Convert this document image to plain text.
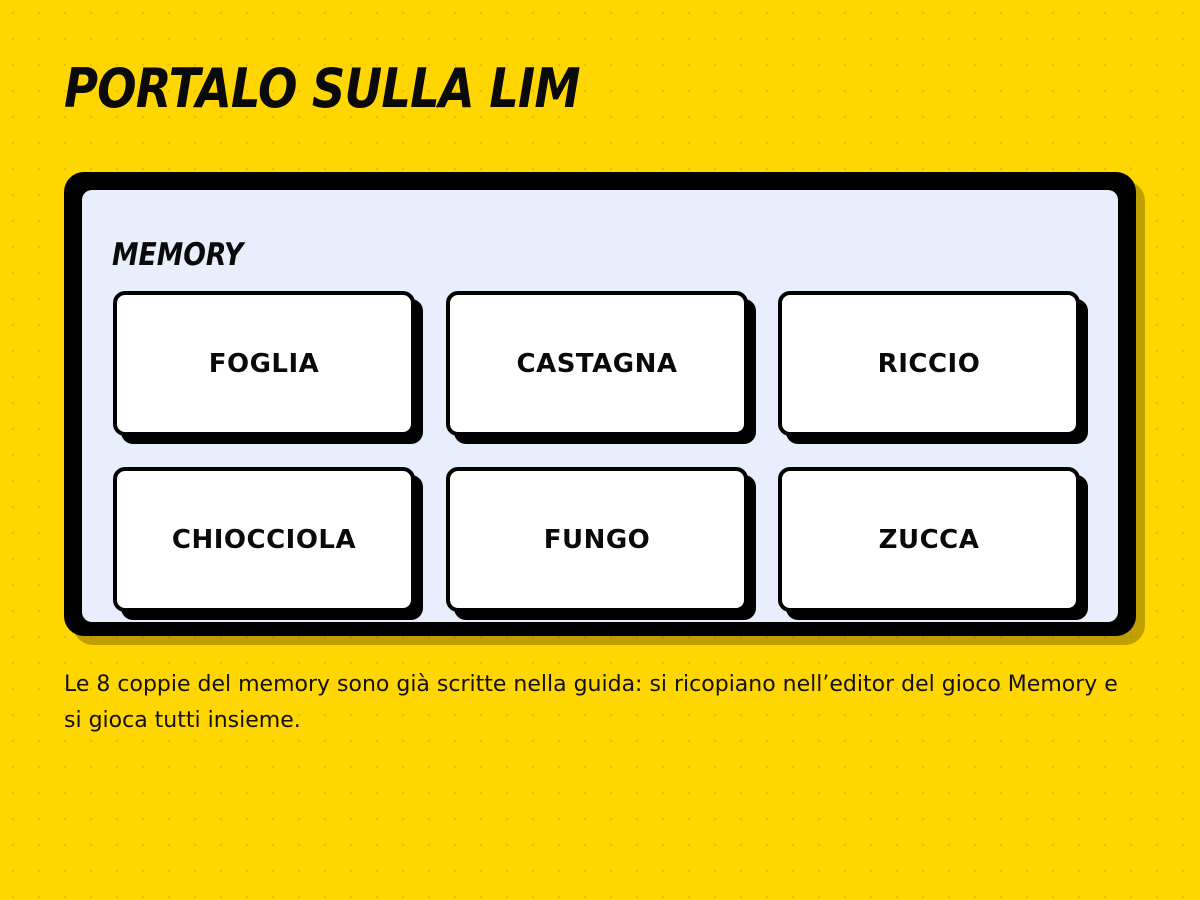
PORTALO SULLA LIM
MEMORY
FOGLIA	CASTAGNA	RICCIO
CHIOCCIOLA	FUNGO	ZUCCA

Le 8 coppie del memory sono già scritte nella guida: si ricopiano nell’editor del gioco Memory e si gioca tutti insieme.
